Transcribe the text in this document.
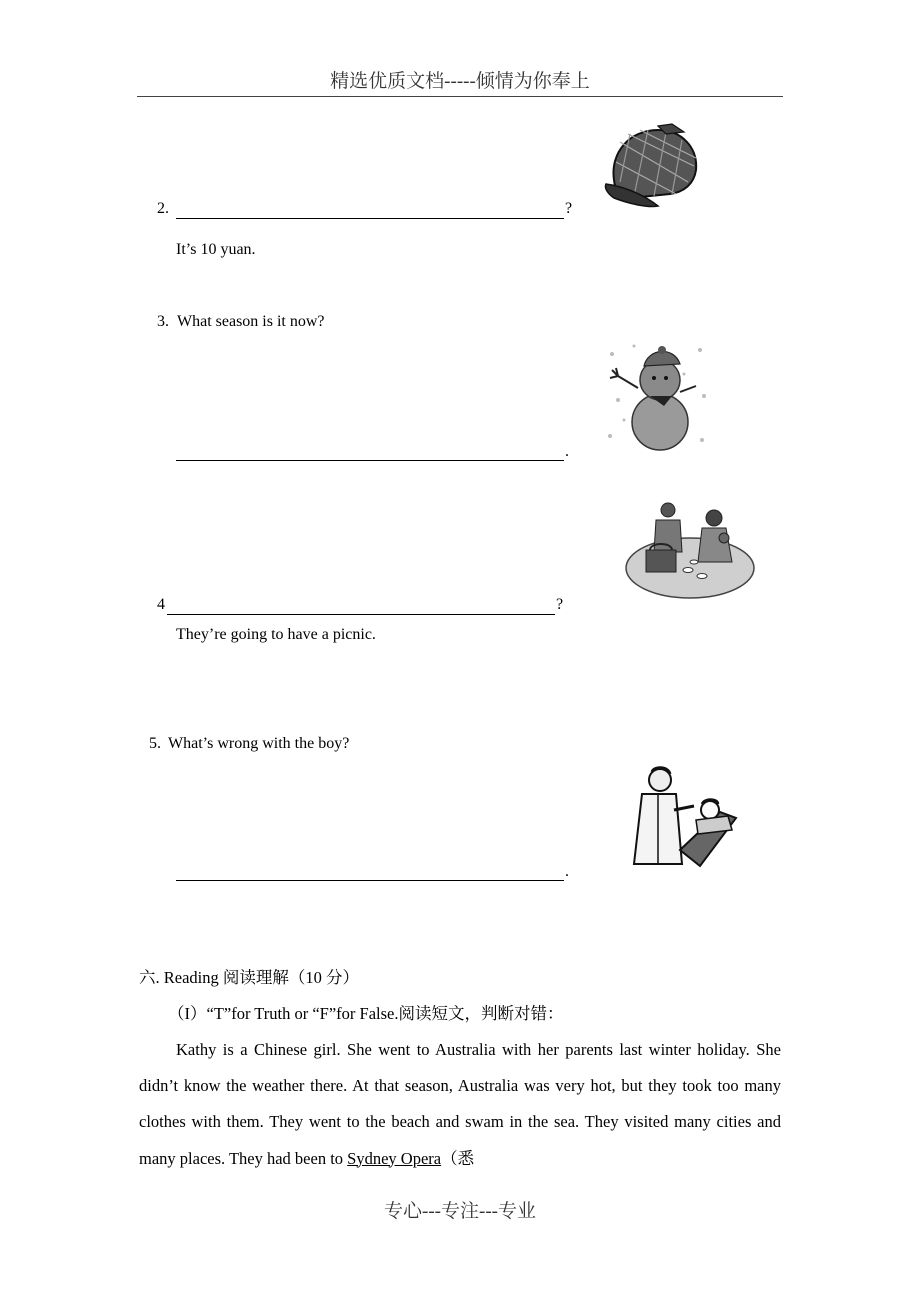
精选优质文档-----倾情为你奉上
2.	?
It’s 10 yuan.
3. What season is it now?
.
4	?
They’re going to have a picnic.
5. What’s wrong with the boy?
.
六. Reading 阅读理解（10 分）
（I）“T”for Truth or “F”for False.阅读短文，判断对错：
Kathy is a Chinese girl. She went to Australia with her parents last winter holiday. She didn’t know the weather there. At that season, Australia was very hot, but they took too many clothes with them. They went to the beach and swam in the sea. They visited many cities and many places. They had been to Sydney Opera（悉
专心---专注---专业
